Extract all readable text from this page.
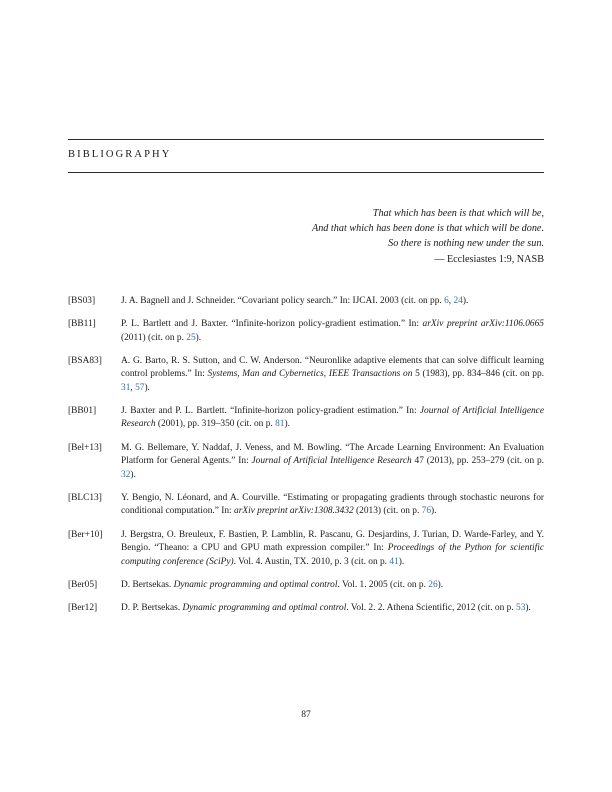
BIBLIOGRAPHY
That which has been is that which will be,
And that which has been done is that which will be done.
So there is nothing new under the sun.
— Ecclesiastes 1:9, NASB
[BS03]	J. A. Bagnell and J. Schneider. “Covariant policy search.” In: IJCAI. 2003 (cit. on pp. 6, 24).
[BB11]	P. L. Bartlett and J. Baxter. “Infinite-horizon policy-gradient estimation.” In: arXiv preprint arXiv:1106.0665 (2011) (cit. on p. 25).
[BSA83]	A. G. Barto, R. S. Sutton, and C. W. Anderson. “Neuronlike adaptive elements that can solve difficult learning control problems.” In: Systems, Man and Cybernetics, IEEE Transactions on 5 (1983), pp. 834–846 (cit. on pp. 31, 57).
[BB01]	J. Baxter and P. L. Bartlett. “Infinite-horizon policy-gradient estimation.” In: Journal of Artificial Intelligence Research (2001), pp. 319–350 (cit. on p. 81).
[Bel+13]	M. G. Bellemare, Y. Naddaf, J. Veness, and M. Bowling. “The Arcade Learning Environment: An Evaluation Platform for General Agents.” In: Journal of Artificial Intelligence Research 47 (2013), pp. 253–279 (cit. on p. 32).
[BLC13]	Y. Bengio, N. Léonard, and A. Courville. “Estimating or propagating gradients through stochastic neurons for conditional computation.” In: arXiv preprint arXiv:1308.3432 (2013) (cit. on p. 76).
[Ber+10]	J. Bergstra, O. Breuleux, F. Bastien, P. Lamblin, R. Pascanu, G. Desjardins, J. Turian, D. Warde-Farley, and Y. Bengio. “Theano: a CPU and GPU math expression compiler.” In: Proceedings of the Python for scientific computing conference (SciPy). Vol. 4. Austin, TX. 2010, p. 3 (cit. on p. 41).
[Ber05]	D. Bertsekas. Dynamic programming and optimal control. Vol. 1. 2005 (cit. on p. 26).
[Ber12]	D. P. Bertsekas. Dynamic programming and optimal control. Vol. 2. 2. Athena Scientific, 2012 (cit. on p. 53).
87
